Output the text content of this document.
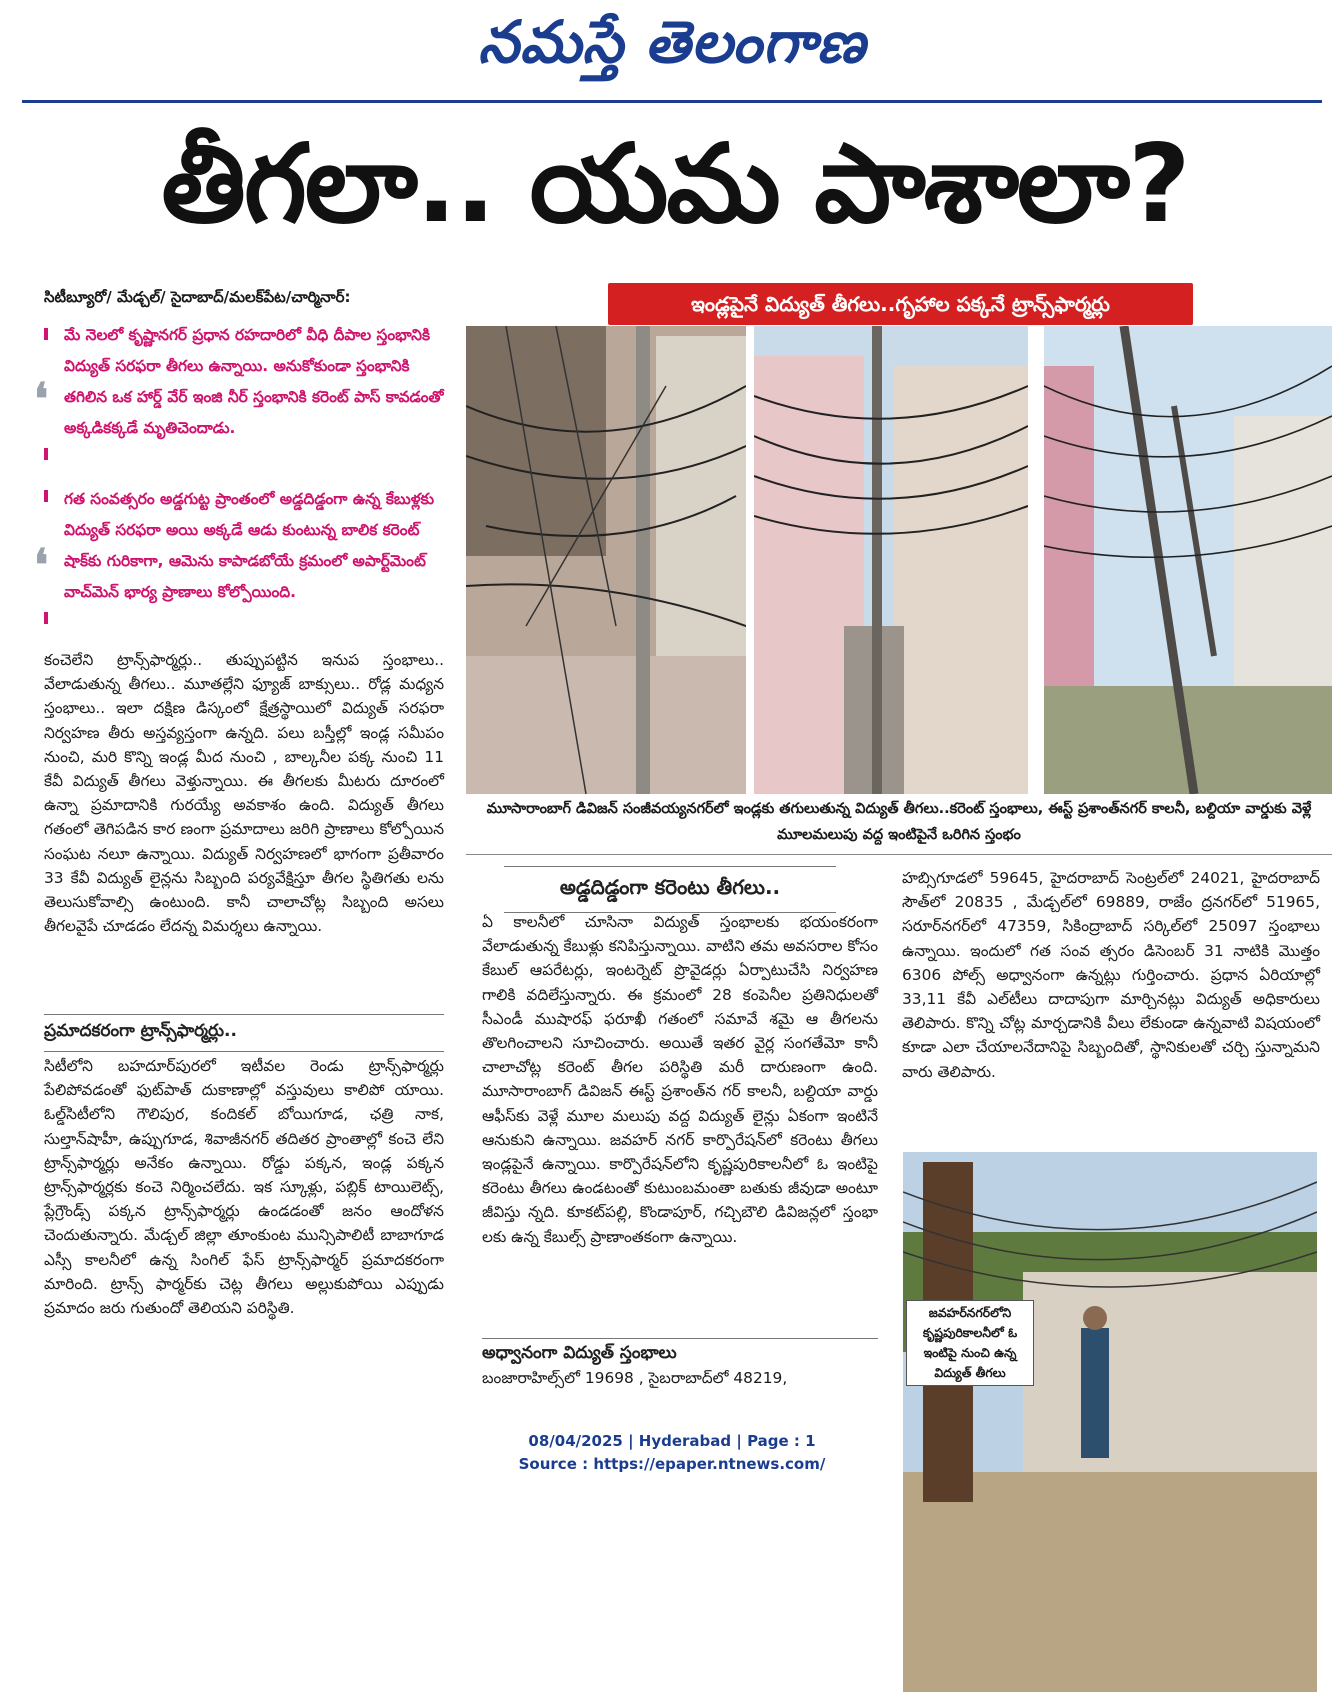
నమస్తే తెలంగాణ
తీగలా.. యమ పాశాలా?
సిటీబ్యూరో/ మేడ్చల్/ సైదాబాద్/మలక్‌పేట/చార్మినార్:
❛
మే నెలలో కృష్ణానగర్ ప్రధాన రహదారిలో వీధి దీపాల స్తంభానికి విద్యుత్ సరఫరా తీగలు ఉన్నాయి. అనుకోకుండా స్తంభానికి తగిలిన ఒక హార్డ్ వేర్ ఇంజి నీర్ స్తంభానికి కరెంట్ పాస్ కావడంతో అక్కడికక్కడే మృతిచెందాడు.
❛
గత సంవత్సరం అడ్డగుట్ట ప్రాంతంలో అడ్డదిడ్డంగా ఉన్న కేబుళ్లకు విద్యుత్ సరఫరా అయి అక్కడే ఆడు కుంటున్న బాలిక కరెంట్ షాక్‌కు గురికాగా, ఆమెను కాపాడబోయే క్రమంలో అపార్ట్‌మెంట్ వాచ్‌మెన్ భార్య ప్రాణాలు కోల్పోయింది.
కంచెలేని ట్రాన్స్‌ఫార్మర్లు.. తుప్పుపట్టిన ఇనుప స్తంభాలు.. వేలాడుతున్న తీగలు.. మూతల్లేని ఫ్యూజ్ బాక్సులు.. రోడ్ల మధ్యన స్తంభాలు.. ఇలా దక్షిణ డిస్కంలో క్షేత్రస్థాయిలో విద్యుత్ సరఫరా నిర్వహణ తీరు అస్తవ్యస్తంగా ఉన్నది. పలు బస్తీల్లో ఇండ్ల సమీపం నుంచి, మరి కొన్ని ఇండ్ల మీద నుంచి , బాల్కనీల పక్క నుంచి 11 కేవీ విద్యుత్ తీగలు వెళ్తున్నాయి. ఈ తీగలకు మీటరు దూరంలో ఉన్నా ప్రమాదానికి గురయ్యే అవకాశం ఉంది. విద్యుత్ తీగలు గతంలో తెగిపడిన కార ణంగా ప్రమాదాలు జరిగి ప్రాణాలు కోల్పోయిన సంఘట నలూ ఉన్నాయి. విద్యుత్ నిర్వహణలో భాగంగా ప్రతీవారం 33 కేవీ విద్యుత్ లైన్లను సిబ్బంది పర్యవేక్షిస్తూ తీగల స్థితిగతు లను తెలుసుకోవాల్సి ఉంటుంది. కానీ చాలాచోట్ల సిబ్బంది అసలు తీగలవైపే చూడడం లేదన్న విమర్శలు ఉన్నాయి.
ప్రమాదకరంగా ట్రాన్స్‌ఫార్మర్లు..
సిటీలోని బహదూర్‌పురలో ఇటీవల రెండు ట్రాన్స్‌ఫార్మర్లు పేలిపోవడంతో ఫుట్‌పాత్ దుకాణాల్లో వస్తువులు కాలిపో యాయి. ఓల్డ్‌సిటీలోని గౌలిపుర, కందికల్ బోయిగూడ, ఛత్రి నాక, సుల్తాన్‌షాహీ, ఉప్పుగూడ, శివాజీనగర్ తదితర ప్రాంతాల్లో కంచె లేని ట్రాన్స్‌ఫార్మర్లు అనేకం ఉన్నాయి. రోడ్డు పక్కన, ఇండ్ల పక్కన ట్రాన్స్‌ఫార్మర్లకు కంచె నిర్మించలేదు. ఇక స్కూళ్లు, పబ్లిక్ టాయిలెట్స్, ప్లేగ్రౌండ్స్ పక్కన ట్రాన్స్‌ఫార్మర్లు ఉండడంతో జనం ఆందోళన చెందుతున్నారు. మేడ్చల్ జిల్లా తూంకుంట మున్సిపాలిటీ బాబాగూడ ఎస్సీ కాలనీలో ఉన్న సింగిల్ ఫేస్ ట్రాన్స్‌ఫార్మర్ ప్రమాదకరంగా మారింది. ట్రాన్స్ ఫార్మర్‌కు చెట్ల తీగలు అల్లుకుపోయి ఎప్పుడు ప్రమాదం జరు గుతుందో తెలియని పరిస్థితి.
ఇండ్లపైనే విద్యుత్ తీగలు..గృహాల పక్కనే ట్రాన్స్‌ఫార్మర్లు
మూసారాంబాగ్ డివిజన్ సంజీవయ్యనగర్‌లో ఇండ్లకు తగులుతున్న విద్యుత్ తీగలు..కరెంట్ స్తంభాలు, ఈస్ట్ ప్రశాంత్‌నగర్ కాలనీ, బల్దియా వార్డుకు వెళ్లే మూలమలుపు వద్ద ఇంటిపైనే ఒరిగిన స్తంభం
అడ్డదిడ్డంగా కరెంటు తీగలు..
ఏ కాలనీలో చూసినా విద్యుత్ స్తంభాలకు భయంకరంగా వేలాడుతున్న కేబుళ్లు కనిపిస్తున్నాయి. వాటిని తమ అవసరాల కోసం కేబుల్ ఆపరేటర్లు, ఇంటర్నెట్ ప్రొవైడర్లు ఏర్పాటుచేసి నిర్వహణ గాలికి వదిలేస్తున్నారు. ఈ క్రమంలో 28 కంపెనీల ప్రతినిధులతో సీఎండీ ముషారఫ్ ఫరూఖీ గతంలో సమావే శమై ఆ తీగలను తొలగించాలని సూచించారు. అయితే ఇతర వైర్ల సంగతేమో కానీ చాలాచోట్ల కరెంట్ తీగల పరిస్థితి మరీ దారుణంగా ఉంది. మూసారాంబాగ్ డివిజన్ ఈస్ట్ ప్రశాంత్‌న గర్ కాలనీ, బల్దియా వార్డు ఆఫీస్‌కు వెళ్లే మూల మలుపు వద్ద విద్యుత్ లైన్లు ఏకంగా ఇంటినే ఆనుకుని ఉన్నాయి. జవహర్ నగర్ కార్పొరేషన్‌లో కరెంటు తీగలు ఇండ్లపైనే ఉన్నాయి. కార్పొరేషన్‌లోని కృష్ణపురికాలనీలో ఓ ఇంటిపై కరెంటు తీగలు ఉండటంతో కుటుంబమంతా బతుకు జీవుడా అంటూ జీవిస్తు న్నది. కూకట్‌పల్లి, కొండాపూర్, గచ్చిబౌలి డివిజన్లలో స్తంభా లకు ఉన్న కేబుల్స్ ప్రాణాంతకంగా ఉన్నాయి.
అధ్వానంగా విద్యుత్ స్తంభాలు
బంజారాహిల్స్‌లో 19698 , సైబరాబాద్‌లో 48219,
హబ్సిగూడలో 59645, హైదరాబాద్ సెంట్రల్‌లో 24021, హైదరాబాద్ సౌత్‌లో 20835 , మేడ్చల్‌లో 69889, రాజేం ద్రనగర్‌లో 51965, సరూర్‌నగర్‌లో 47359, సికింద్రాబాద్ సర్కిల్‌లో 25097 స్తంభాలు ఉన్నాయి. ఇందులో గత సంవ త్సరం డిసెంబర్ 31 నాటికి మొత్తం 6306 పోల్స్ అధ్వానంగా ఉన్నట్లు గుర్తించారు. ప్రధాన ఏరియాల్లో 33,11 కేవీ ఎల్‌టీలు దాదాపుగా మార్చినట్లు విద్యుత్ అధికారులు తెలిపారు. కొన్ని చోట్ల మార్చడానికి వీలు లేకుండా ఉన్నవాటి విషయంలో కూడా ఎలా చేయాలనేదానిపై సిబ్బందితో, స్థానికులతో చర్చి స్తున్నామని వారు తెలిపారు.
జవహర్‌నగర్‌లోని కృష్ణపురికాలనీలో ఓ ఇంటిపై నుంచి ఉన్న విద్యుత్ తీగలు
08/04/2025 | Hyderabad | Page : 1
Source : https://epaper.ntnews.com/
